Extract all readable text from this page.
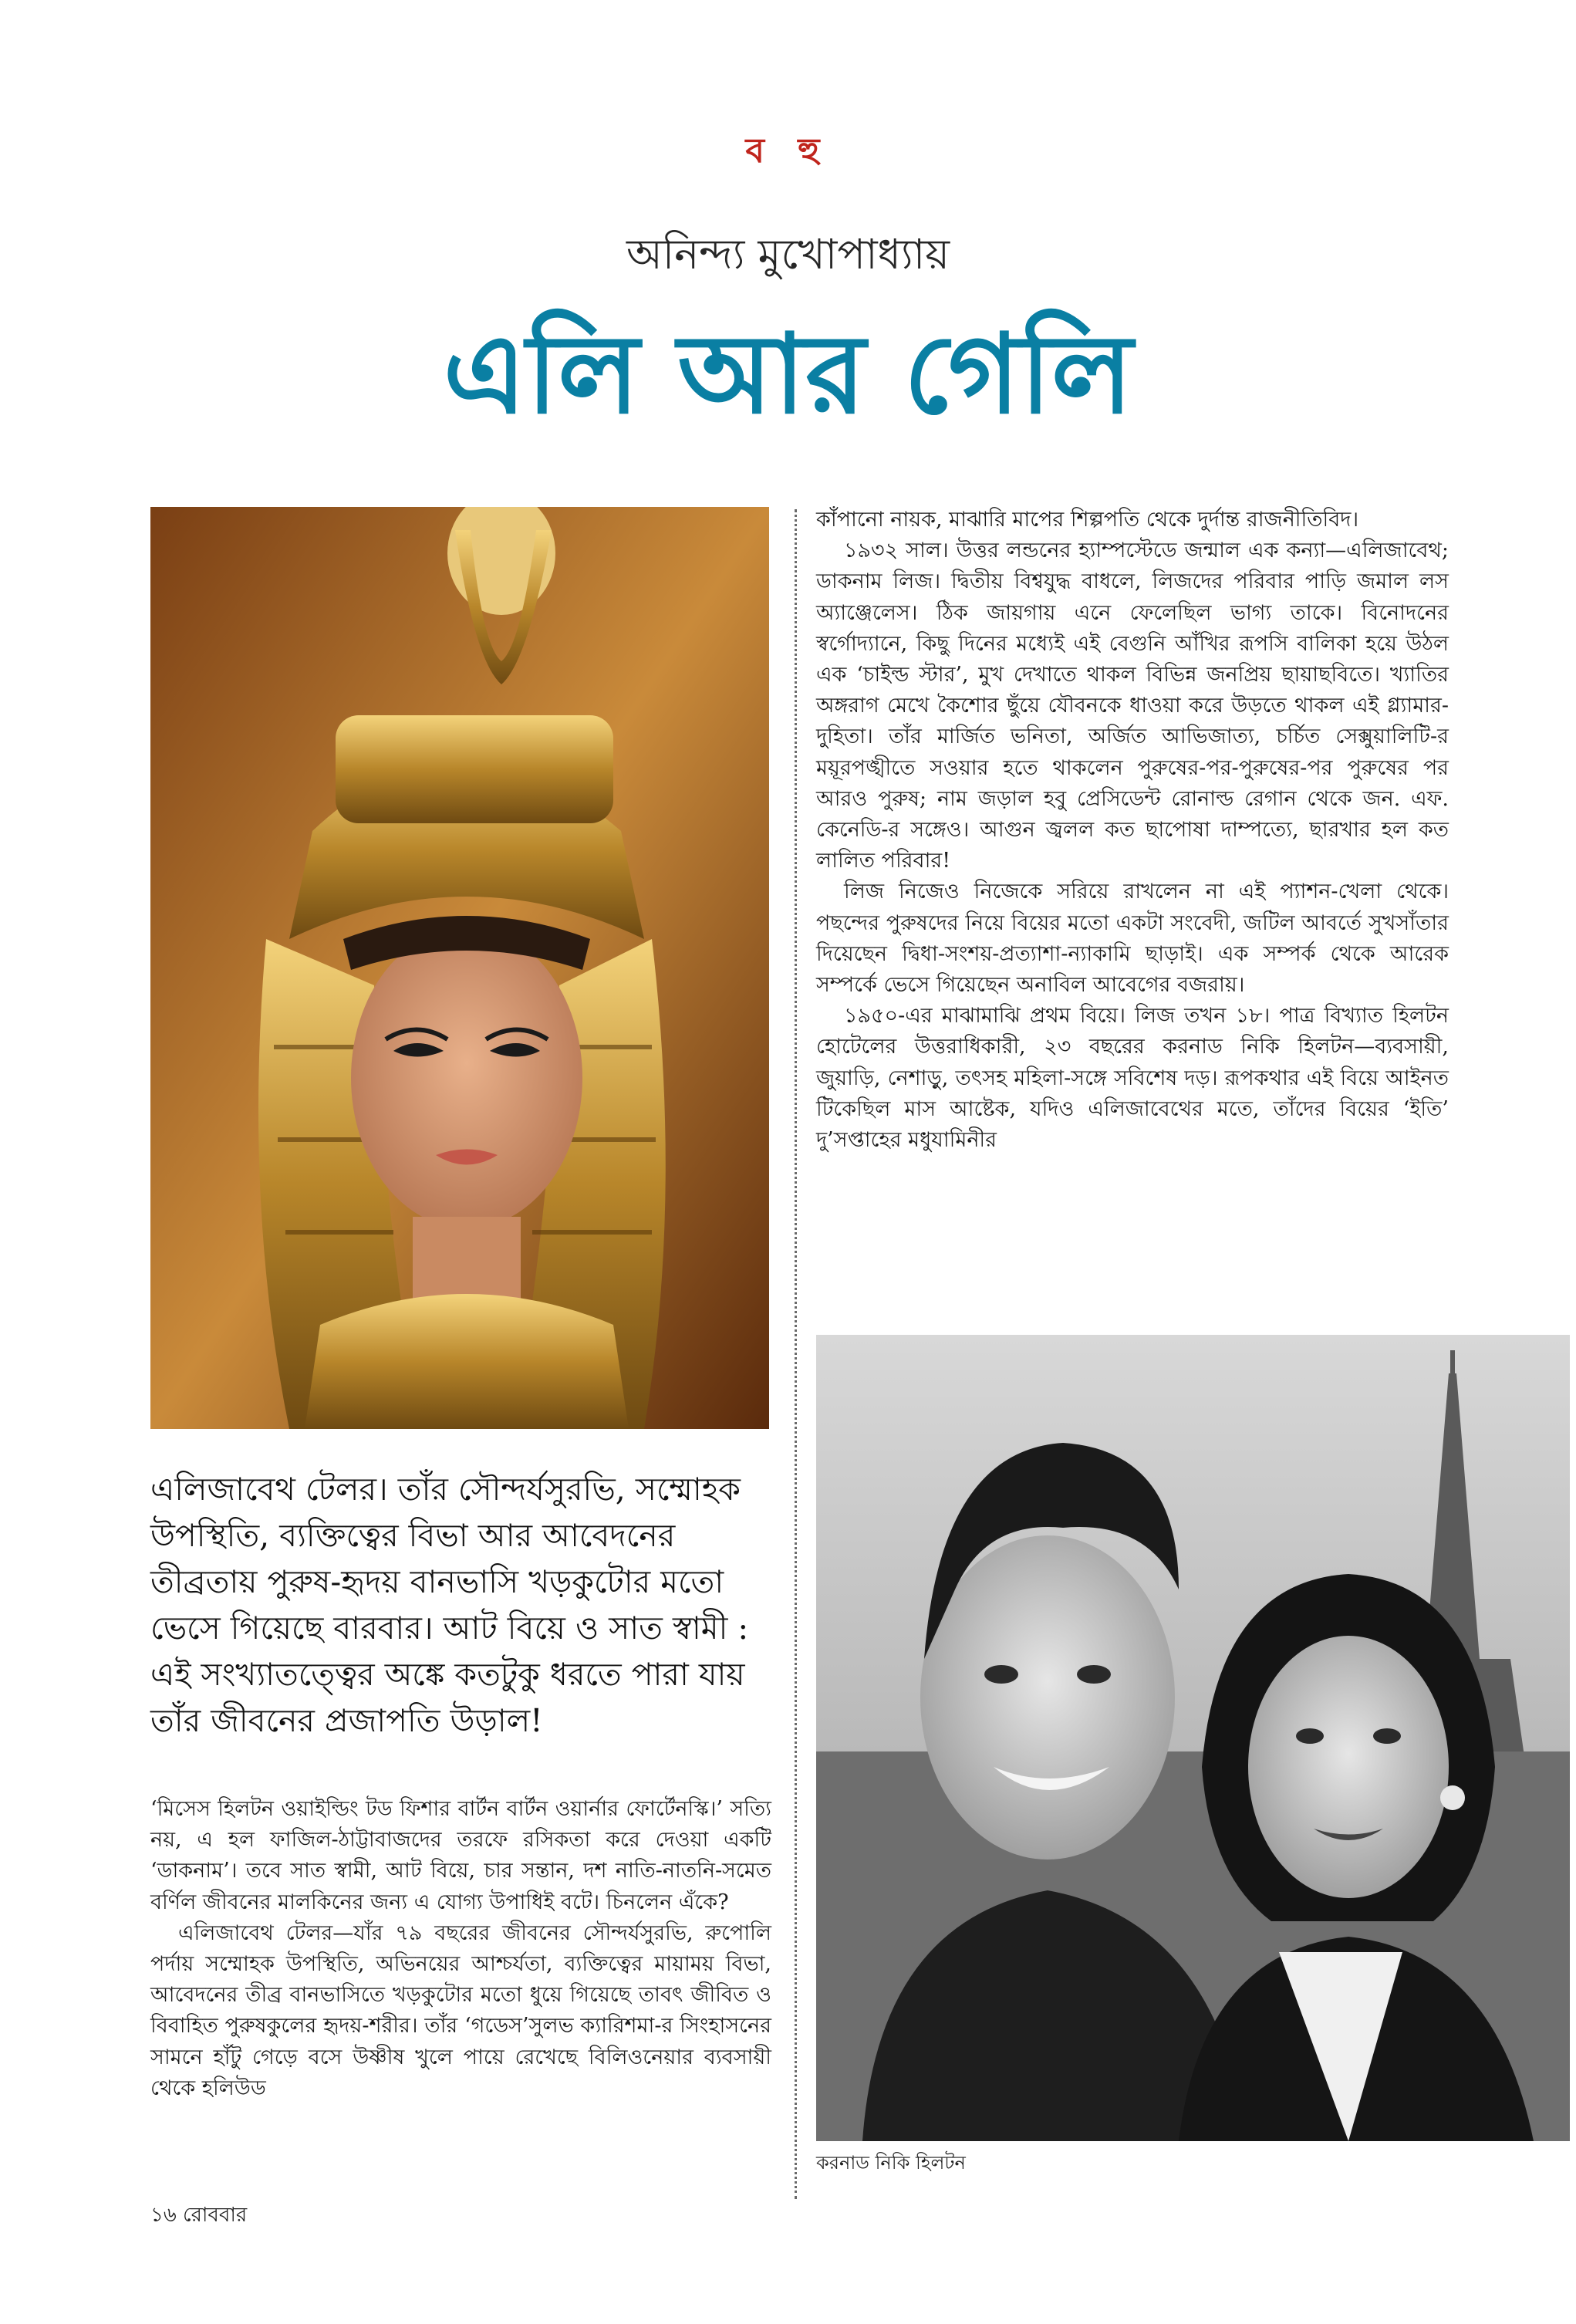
ব হু
অনিন্দ্য মুখোপাধ্যায়
এলি আর গেলি

কাঁপানো নায়ক, মাঝারি মাপের শিল্পপতি থেকে দুর্দান্ত রাজনীতিবিদ।

১৯৩২ সাল। উত্তর লন্ডনের হ্যাম্পস্টেডে জন্মাল এক কন্যা—এলিজাবেথ; ডাকনাম লিজ। দ্বিতীয় বিশ্বযুদ্ধ বাধলে, লিজদের পরিবার পাড়ি জমাল লস অ্যাঞ্জেলেস। ঠিক জায়গায় এনে ফেলেছিল ভাগ্য তাকে। বিনোদনের স্বর্গোদ্যানে, কিছু দিনের মধ্যেই এই বেগুনি আঁখির রূপসি বালিকা হয়ে উঠল এক ‘চাইল্ড স্টার’, মুখ দেখাতে থাকল বিভিন্ন জনপ্রিয় ছায়াছবিতে। খ্যাতির অঙ্গরাগ মেখে কৈশোর ছুঁয়ে যৌবনকে ধাওয়া করে উড়তে থাকল এই গ্ল্যামার-দুহিতা। তাঁর মার্জিত ভনিতা, অর্জিত আভিজাত্য, চর্চিত সেক্সুয়ালিটি-র ময়ূরপঙ্খীতে সওয়ার হতে থাকলেন পুরুষের-পর-পুরুষের-পর পুরুষের পর আরও পুরুষ; নাম জড়াল হবু প্রেসিডেন্ট রোনাল্ড রেগান থেকে জন. এফ. কেনেডি-র সঙ্গেও। আগুন জ্বলল কত ছাপোষা দাম্পত্যে, ছারখার হল কত লালিত পরিবার!

লিজ নিজেও নিজেকে সরিয়ে রাখলেন না এই প্যাশন-খেলা থেকে। পছন্দের পুরুষদের নিয়ে বিয়ের মতো একটা সংবেদী, জটিল আবর্তে সুখসাঁতার দিয়েছেন দ্বিধা-সংশয়-প্রত্যাশা-ন্যাকামি ছাড়াই। এক সম্পর্ক থেকে আরেক সম্পর্কে ভেসে গিয়েছেন অনাবিল আবেগের বজরায়।

১৯৫০-এর মাঝামাঝি প্রথম বিয়ে। লিজ তখন ১৮। পাত্র বিখ্যাত হিলটন হোটেলের উত্তরাধিকারী, ২৩ বছরের করনাড নিকি হিলটন—ব্যবসায়ী, জুয়াড়ি, নেশাড়ু, তৎসহ মহিলা-সঙ্গে সবিশেষ দড়। রূপকথার এই বিয়ে আইনত টিকেছিল মাস আষ্টেক, যদিও এলিজাবেথের মতে, তাঁদের বিয়ের ‘ইতি’ দু’সপ্তাহের মধুযামিনীর

এলিজাবেথ টেলর। তাঁর সৌন্দর্যসুরভি, সম্মোহক উপস্থিতি, ব্যক্তিত্বের বিভা আর আবেদনের তীব্রতায় পুরুষ-হৃদয় বানভাসি খড়কুটোর মতো ভেসে গিয়েছে বারবার। আট বিয়ে ও সাত স্বামী : এই সংখ্যাতত্ত্বের অঙ্কে কতটুকু ধরতে পারা যায় তাঁর জীবনের প্রজাপতি উড়াল!

‘মিসেস হিলটন ওয়াইল্ডিং টড ফিশার বার্টন বার্টন ওয়ার্নার ফোর্টেনস্কি।’ সত্যি নয়, এ হল ফাজিল-ঠাট্টাবাজদের তরফে রসিকতা করে দেওয়া একটি ‘ডাকনাম’। তবে সাত স্বামী, আট বিয়ে, চার সন্তান, দশ নাতি-নাতনি-সমেত বর্ণিল জীবনের মালকিনের জন্য এ যোগ্য উপাধিই বটে। চিনলেন এঁকে?

এলিজাবেথ টেলর—যাঁর ৭৯ বছরের জীবনের সৌন্দর্যসুরভি, রুপোলি পর্দায় সম্মোহক উপস্থিতি, অভিনয়ের আশ্চর্যতা, ব্যক্তিত্বের মায়াময় বিভা, আবেদনের তীব্র বানভাসিতে খড়কুটোর মতো ধুয়ে গিয়েছে তাবৎ জীবিত ও বিবাহিত পুরুষকুলের হৃদয়-শরীর। তাঁর ‘গডেস’সুলভ ক্যারিশমা-র সিংহাসনের সামনে হাঁটু গেড়ে বসে উষ্ণীষ খুলে পায়ে রেখেছে বিলিওনেয়ার ব্যবসায়ী থেকে হলিউড

করনাড নিকি হিলটন
১৬ রোববার
